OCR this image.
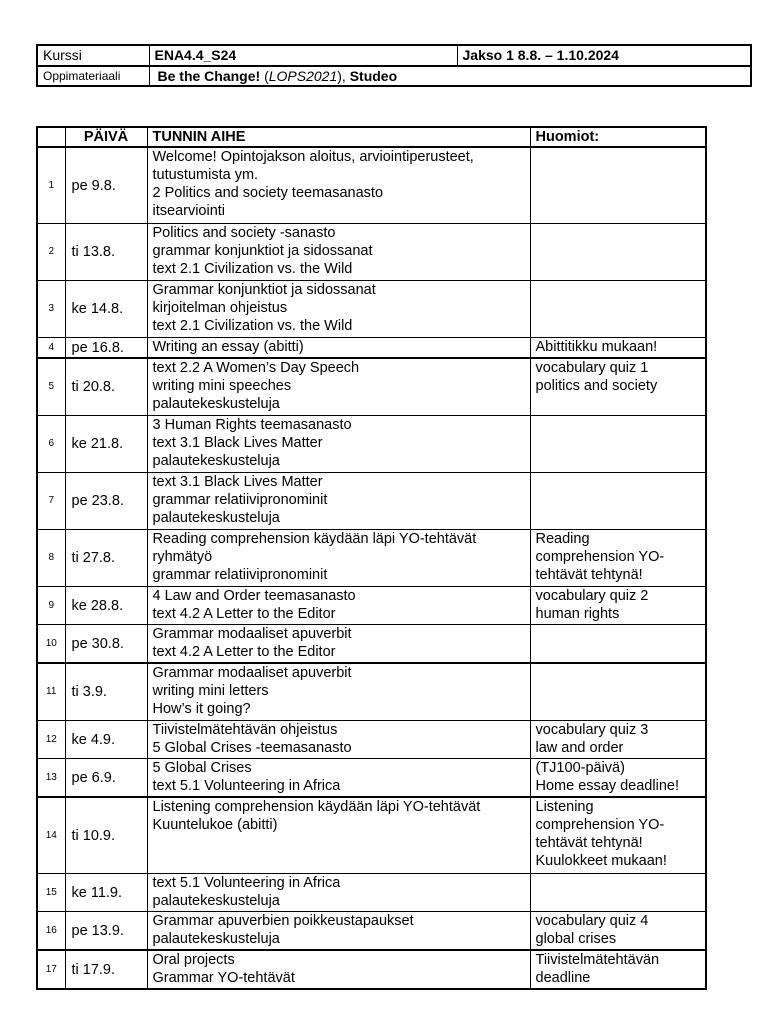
Kurssi	ENA4.4_S24	Jakso 1 8.8. – 1.10.2024
Oppimateriaali	Be the Change! (LOPS2021), Studeo	
	PÄIVÄ	TUNNIN AIHE	Huomiot:
1	pe 9.8.	Welcome! Opintojakson aloitus, arviointiperusteet,
tutustumista ym.
2 Politics and society teemasanasto
itsearviointi	

2	ti 13.8.	Politics and society -sanasto
grammar konjunktiot ja sidossanat
text 2.1 Civilization vs. the Wild	

3	ke 14.8.	Grammar konjunktiot ja sidossanat
kirjoitelman ohjeistus
text 2.1 Civilization vs. the Wild	

4	pe 16.8.	Writing an essay (abitti)	Abittitikku mukaan!

5	ti 20.8.	text 2.2 A Women’s Day Speech
writing mini speeches
palautekeskusteluja	vocabulary quiz 1
politics and society

6	ke 21.8.	3 Human Rights teemasanasto
text 3.1 Black Lives Matter
palautekeskusteluja	

7	pe 23.8.	text 3.1 Black Lives Matter
grammar relatiivipronominit
palautekeskusteluja	

8	ti 27.8.	Reading comprehension käydään läpi YO-tehtävät
ryhmätyö
grammar relatiivipronominit	Reading
comprehension YO-
tehtävät tehtynä!

9	ke 28.8.	4 Law and Order teemasanasto
text 4.2 A Letter to the Editor	vocabulary quiz 2
human rights

10	pe 30.8.	Grammar modaaliset apuverbit
text 4.2 A Letter to the Editor	

11	ti 3.9.	Grammar modaaliset apuverbit
writing mini letters
How’s it going?	

12	ke 4.9.	Tiivistelmätehtävän ohjeistus
5 Global Crises -teemasanasto	vocabulary quiz 3
law and order

13	pe 6.9.	5 Global Crises
text 5.1 Volunteering in Africa	(TJ100-päivä)
Home essay deadline!

14	ti 10.9.	Listening comprehension käydään läpi YO-tehtävät
Kuuntelukoe (abitti)	Listening
comprehension YO-
tehtävät tehtynä!
Kuulokkeet mukaan!

15	ke 11.9.	text 5.1 Volunteering in Africa
palautekeskusteluja	

16	pe 13.9.	Grammar apuverbien poikkeustapaukset
palautekeskusteluja	vocabulary quiz 4
global crises

17	ti 17.9.	Oral projects
Grammar YO-tehtävät	Tiivistelmätehtävän
deadline
